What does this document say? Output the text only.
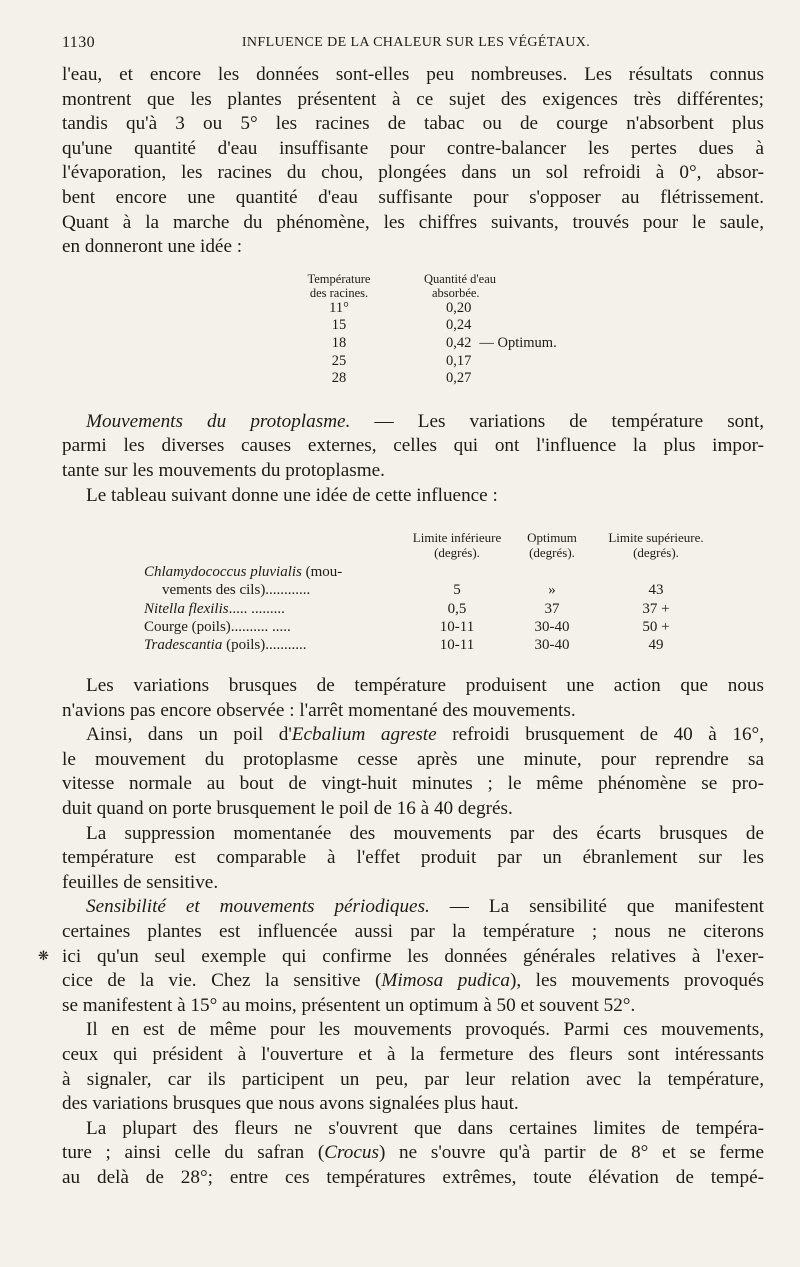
1130	INFLUENCE DE LA CHALEUR SUR LES VÉGÉTAUX.
❋

l'eau, et encore les données sont-elles peu nombreuses. Les résultats connus
montrent que les plantes présentent à ce sujet des exigences très différentes;
tandis qu'à 3 ou 5° les racines de tabac ou de courge n'absorbent plus
qu'une quantité d'eau insuffisante pour contre-balancer les pertes dues à
l'évaporation, les racines du chou, plongées dans un sol refroidi à 0°, absor-
bent encore une quantité d'eau suffisante pour s'opposer au flétrissement.
Quant à la marche du phénomène, les chiffres suivants, trouvés pour le saule,
en donneront une idée :

Température
des racines.	Quantité d'eau
absorbée.
11°	0,20
15	0,24
18	0,42 — Optimum.
25	0,17
28	0,27

Mouvements du protoplasme. — Les variations de température sont,
parmi les diverses causes externes, celles qui ont l'influence la plus impor-
tante sur les mouvements du protoplasme.

Le tableau suivant donne une idée de cette influence :

	Limite inférieure
(degrés).	Optimum
(degrés).	Limite supérieure.
(degrés).
Chlamydococcus pluvialis (mou-			
vements des cils)............	5	»	43
Nitella flexilis..... .........	0,5	37	37 +
Courge (poils).......... .....	10-11	30-40	50 +
Tradescantia (poils)...........	10-11	30-40	49

Les variations brusques de température produisent une action que nous
n'avions pas encore observée : l'arrêt momentané des mouvements.

Ainsi, dans un poil d'Ecbalium agreste refroidi brusquement de 40 à 16°,
le mouvement du protoplasme cesse après une minute, pour reprendre sa
vitesse normale au bout de vingt-huit minutes ; le même phénomène se pro-
duit quand on porte brusquement le poil de 16 à 40 degrés.

La suppression momentanée des mouvements par des écarts brusques de
température est comparable à l'effet produit par un ébranlement sur les
feuilles de sensitive.

Sensibilité et mouvements périodiques. — La sensibilité que manifestent
certaines plantes est influencée aussi par la température ; nous ne citerons
ici qu'un seul exemple qui confirme les données générales relatives à l'exer-
cice de la vie. Chez la sensitive (Mimosa pudica), les mouvements provoqués
se manifestent à 15° au moins, présentent un optimum à 50 et souvent 52°.

Il en est de même pour les mouvements provoqués. Parmi ces mouvements,
ceux qui président à l'ouverture et à la fermeture des fleurs sont intéressants
à signaler, car ils participent un peu, par leur relation avec la température,
des variations brusques que nous avons signalées plus haut.

La plupart des fleurs ne s'ouvrent que dans certaines limites de tempéra-
ture ; ainsi celle du safran (Crocus) ne s'ouvre qu'à partir de 8° et se ferme
au delà de 28°; entre ces températures extrêmes, toute élévation de tempé-
